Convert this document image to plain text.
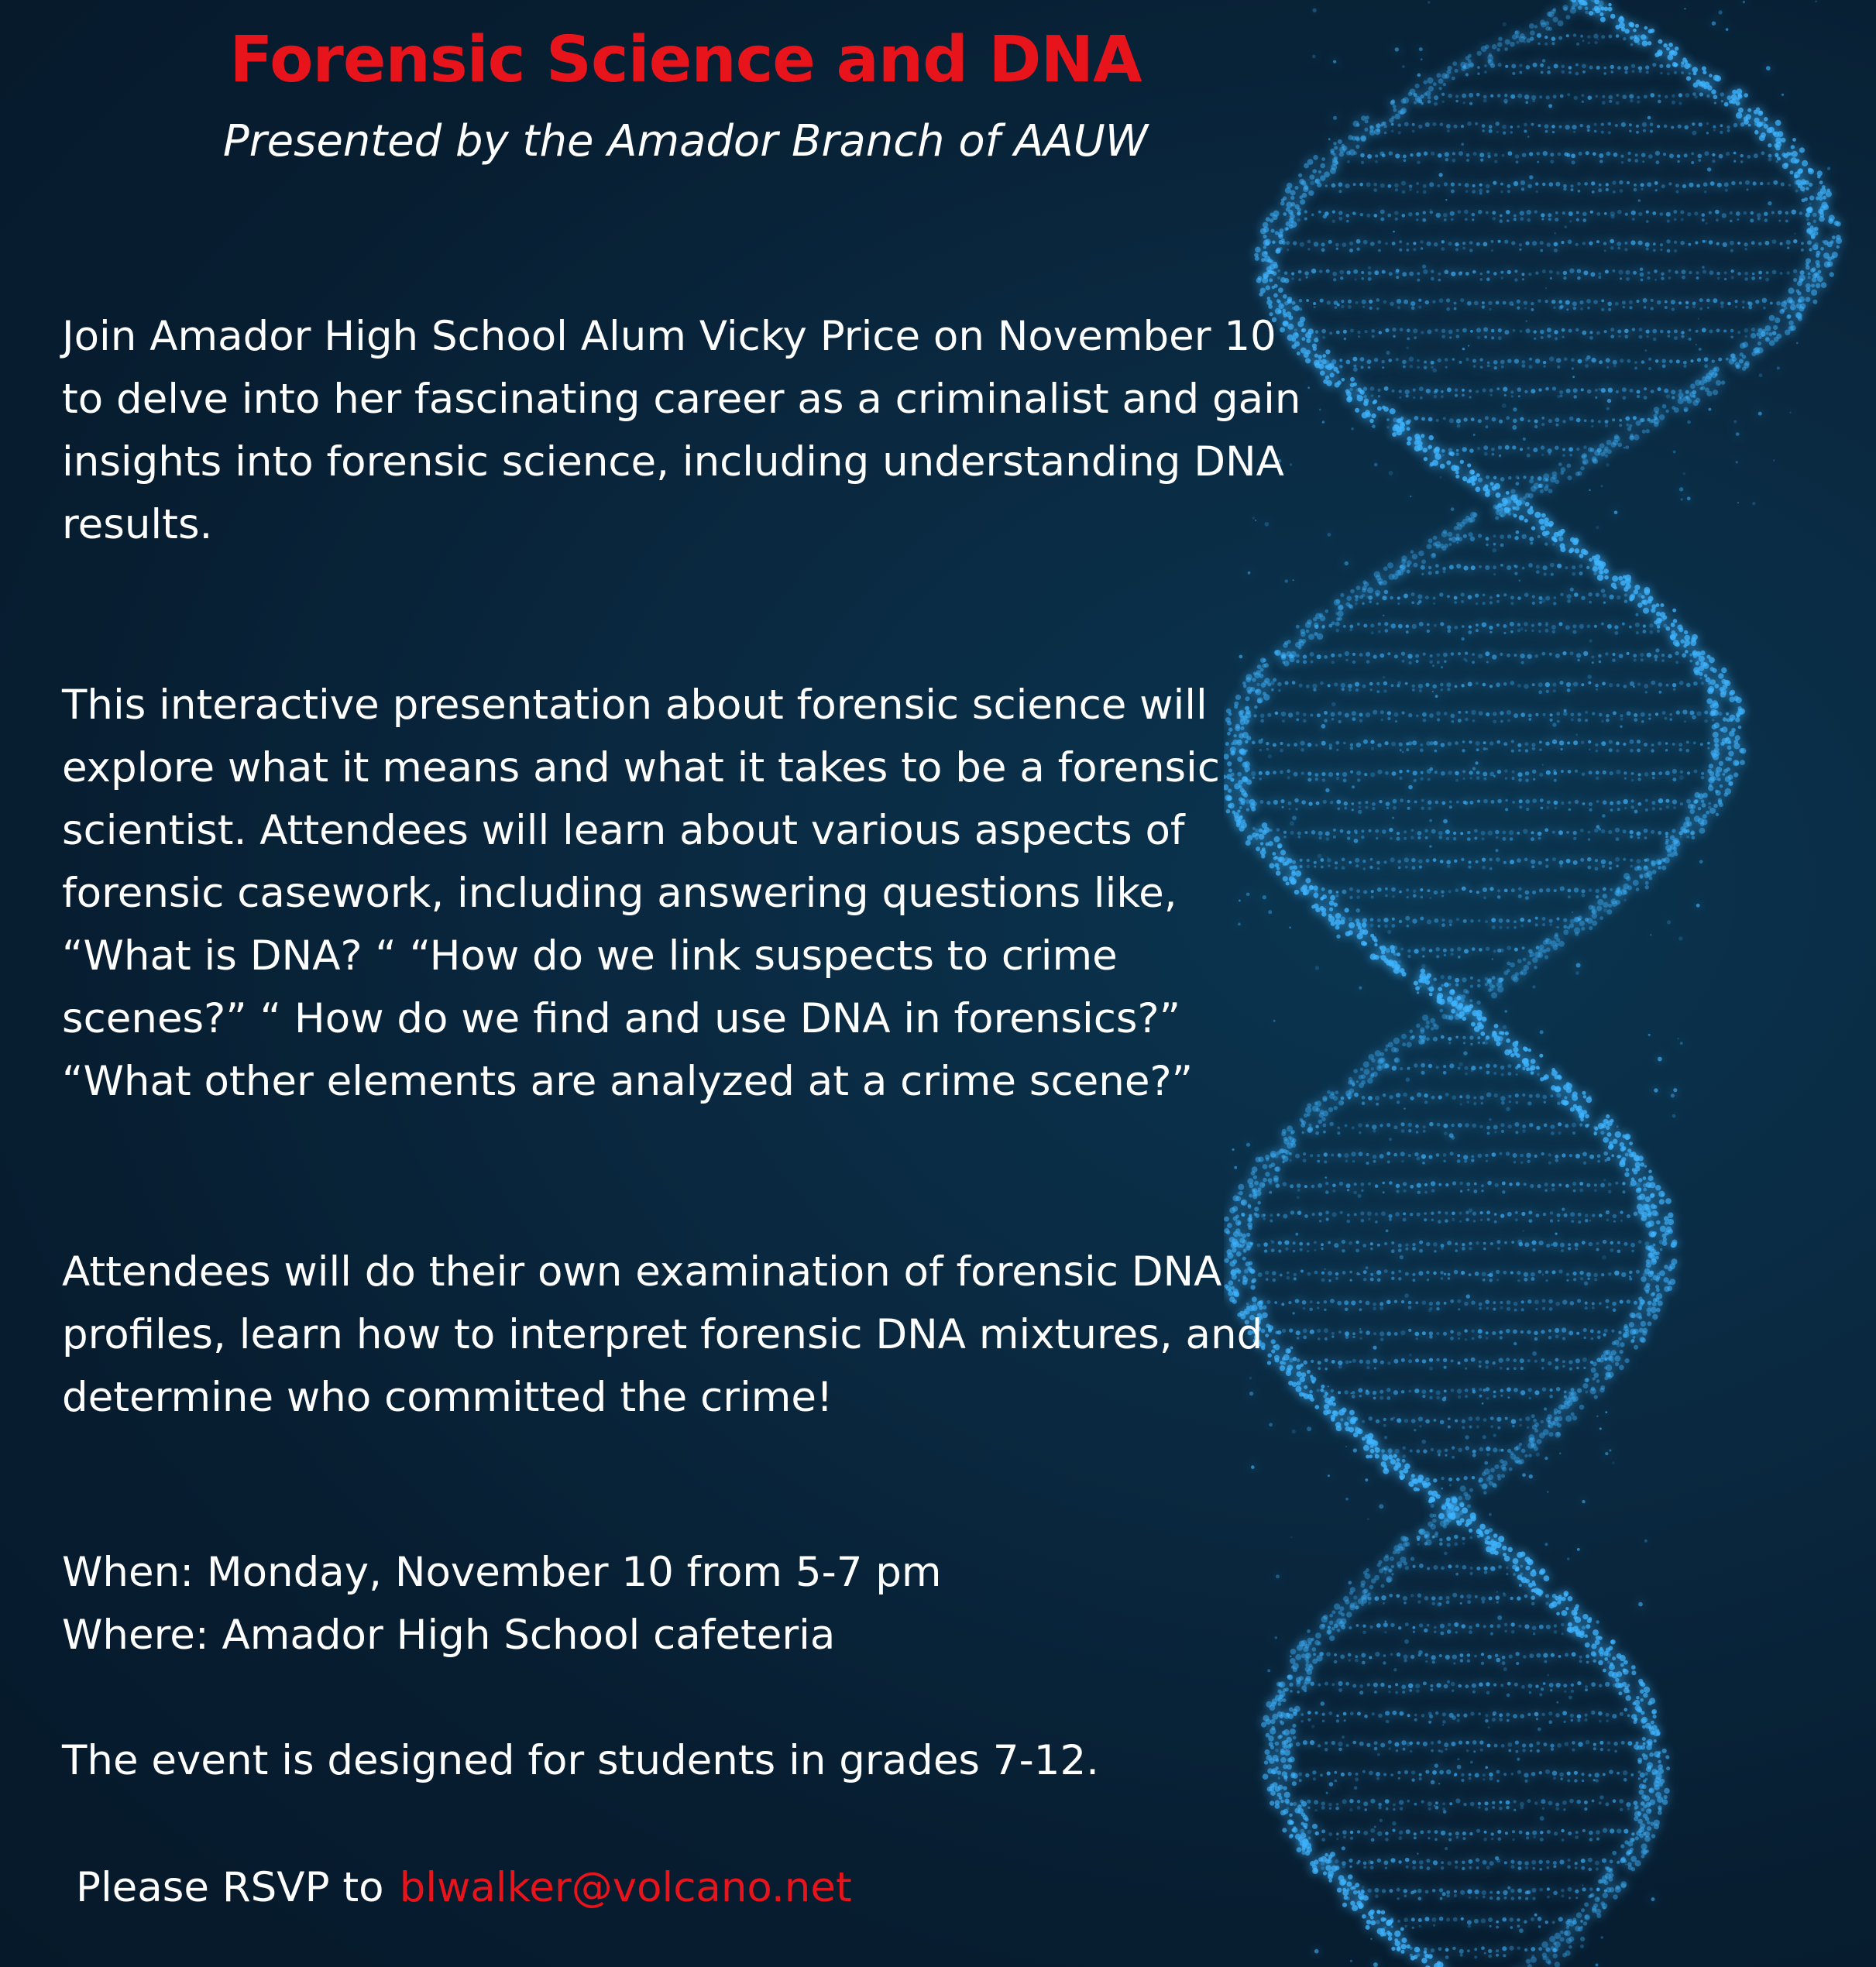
Forensic Science and DNA
Presented by the Amador Branch of AAUW

Join Amador High School Alum Vicky Price on November 10
to delve into her fascinating career as a criminalist and gain
insights into forensic science, including understanding DNA
results.

This interactive presentation about forensic science will
explore what it means and what it takes to be a forensic
scientist. Attendees will learn about various aspects of
forensic casework, including answering questions like,
“What is DNA? “ “How do we link suspects to crime
scenes?” “ How do we find and use DNA in forensics?”
“What other elements are analyzed at a crime scene?”

Attendees will do their own examination of forensic DNA
profiles, learn how to interpret forensic DNA mixtures, and
determine who committed the crime!

When: Monday, November 10 from 5-7 pm
Where: Amador High School cafeteria

The event is designed for students in grades 7-12.

Please RSVP to blwalker@volcano.net
